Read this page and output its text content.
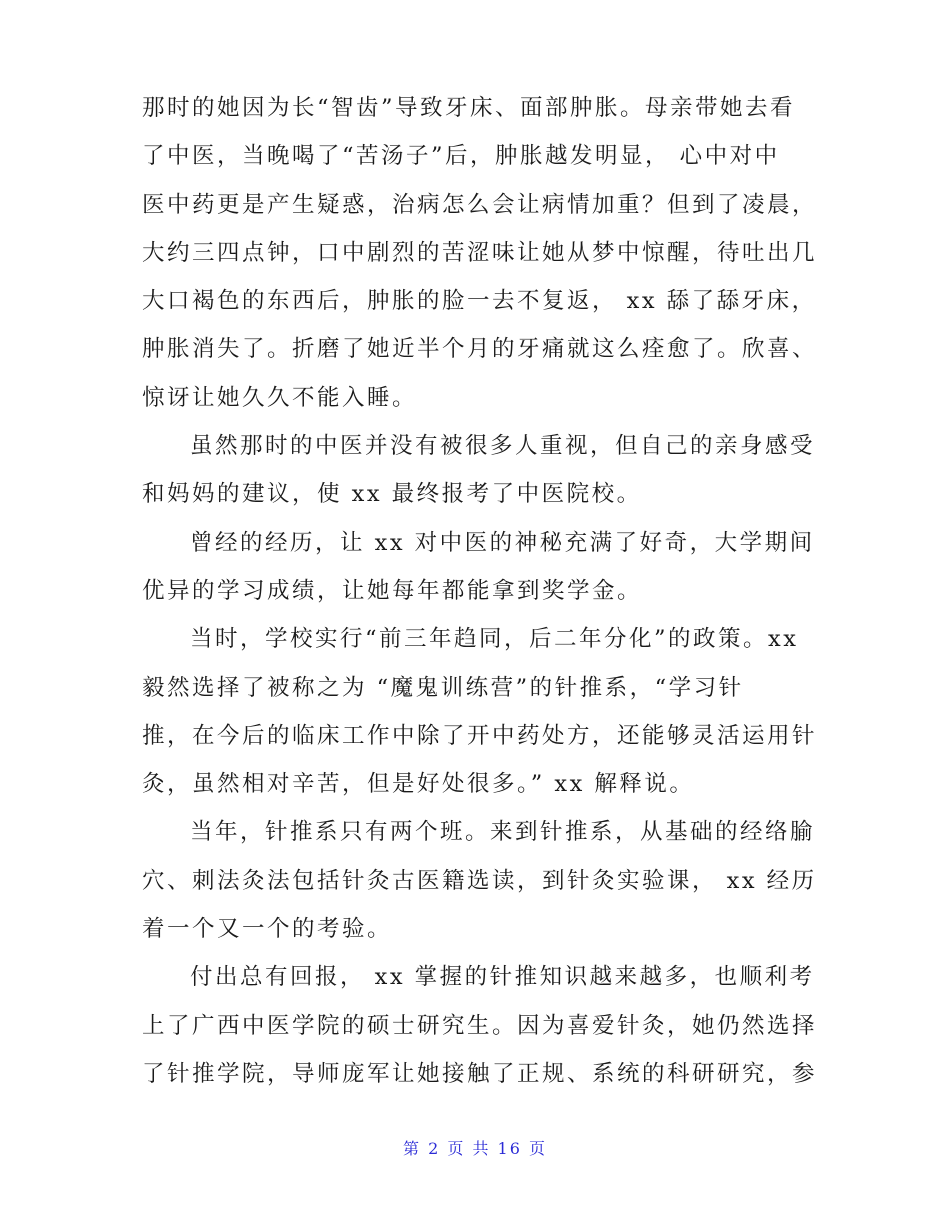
那时的她因为长“智齿”导致牙床、面部肿胀。母亲带她去看
了中医，当晚喝了“苦汤子”后，肿胀越发明显， 心中对中
医中药更是产生疑惑，治病怎么会让病情加重？但到了凌晨，
大约三四点钟，口中剧烈的苦涩味让她从梦中惊醒，待吐出几
大口褐色的东西后，肿胀的脸一去不复返， xx 舔了舔牙床，
肿胀消失了。折磨了她近半个月的牙痛就这么痊愈了。欣喜、
惊讶让她久久不能入睡。
虽然那时的中医并没有被很多人重视，但自己的亲身感受
和妈妈的建议，使 xx 最终报考了中医院校。
曾经的经历，让 xx 对中医的神秘充满了好奇，大学期间
优异的学习成绩，让她每年都能拿到奖学金。
当时，学校实行“前三年趋同，后二年分化”的政策。xx
毅然选择了被称之为 “魔鬼训练营”的针推系，“学习针
推，在今后的临床工作中除了开中药处方，还能够灵活运用针
灸，虽然相对辛苦，但是好处很多。” xx 解释说。
当年，针推系只有两个班。来到针推系，从基础的经络腧
穴、刺法灸法包括针灸古医籍选读，到针灸实验课， xx 经历
着一个又一个的考验。
付出总有回报， xx 掌握的针推知识越来越多，也顺利考
上了广西中医学院的硕士研究生。因为喜爱针灸，她仍然选择
了针推学院，导师庞军让她接触了正规、系统的科研研究，参
第 2 页 共 16 页
